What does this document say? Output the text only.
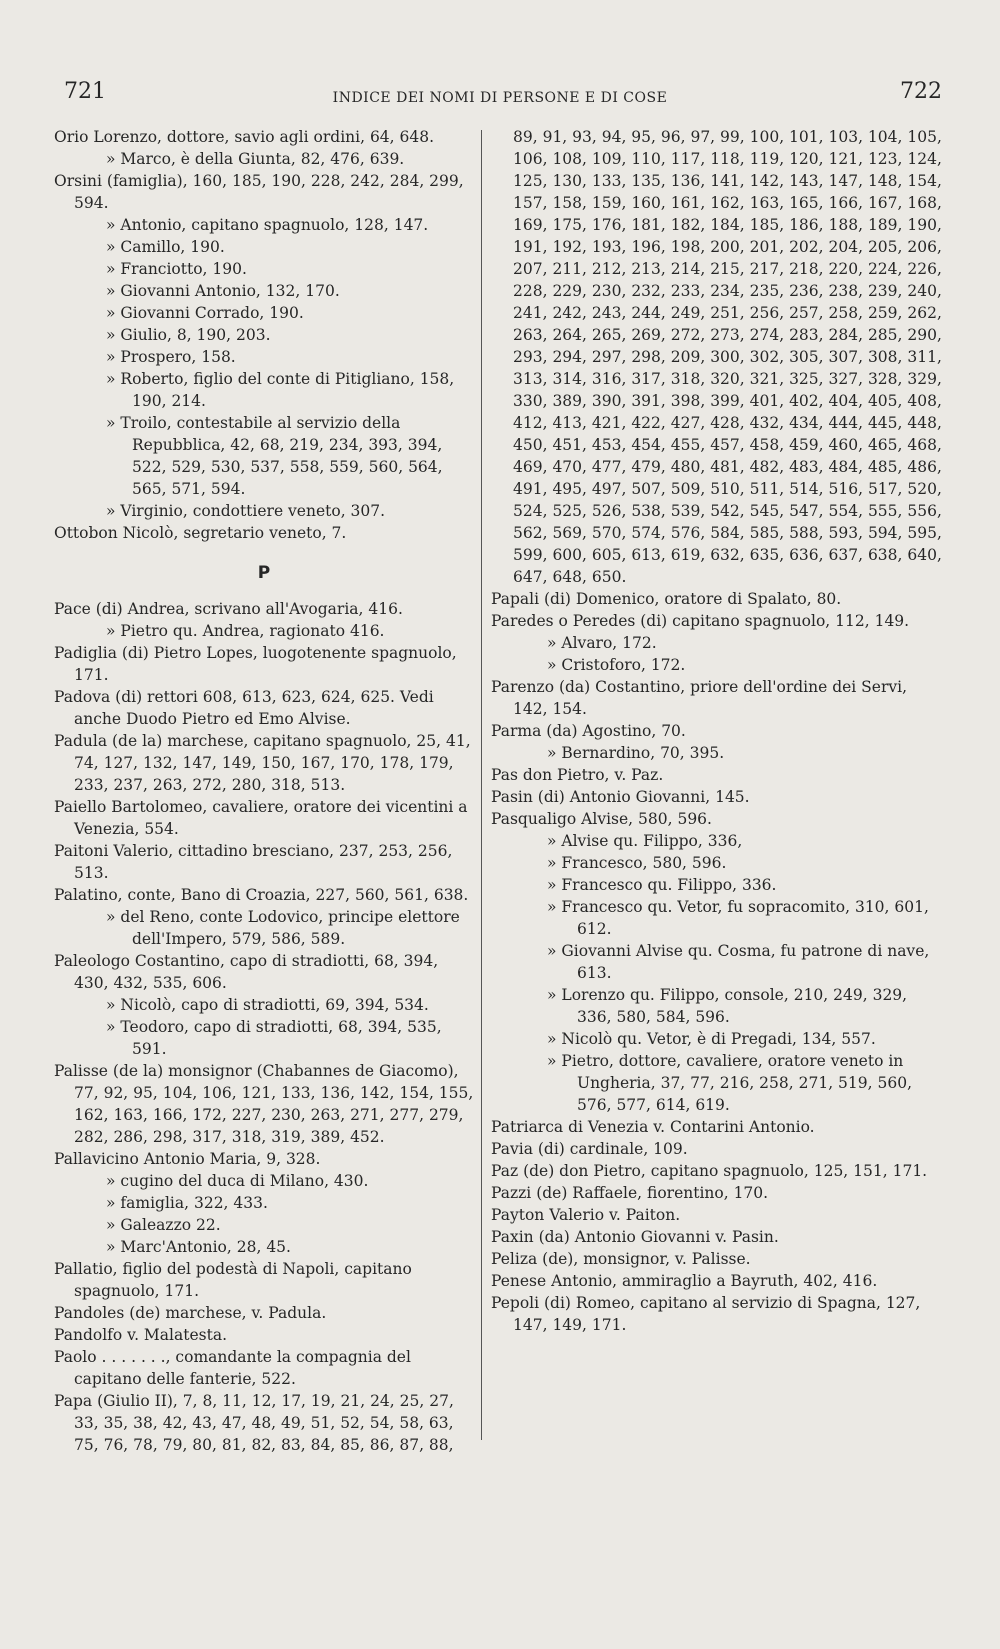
721	INDICE DEI NOMI DI PERSONE E DI COSE	722
Orio Lorenzo, dottore, savio agli ordini, 64, 648.
» Marco, è della Giunta, 82, 476, 639.
Orsini (famiglia), 160, 185, 190, 228, 242, 284, 299, 594.
» Antonio, capitano spagnuolo, 128, 147.
» Camillo, 190.
» Franciotto, 190.
» Giovanni Antonio, 132, 170.
» Giovanni Corrado, 190.
» Giulio, 8, 190, 203.
» Prospero, 158.
» Roberto, figlio del conte di Pitigliano, 158, 190, 214.
» Troilo, contestabile al servizio della Repubblica, 42, 68, 219, 234, 393, 394, 522, 529, 530, 537, 558, 559, 560, 564, 565, 571, 594.
» Virginio, condottiere veneto, 307.
Ottobon Nicolò, segretario veneto, 7.
P
Pace (di) Andrea, scrivano all'Avogaria, 416.
» Pietro qu. Andrea, ragionato 416.
Padiglia (di) Pietro Lopes, luogotenente spagnuolo, 171.
Padova (di) rettori 608, 613, 623, 624, 625. Vedi anche Duodo Pietro ed Emo Alvise.
Padula (de la) marchese, capitano spagnuolo, 25, 41, 74, 127, 132, 147, 149, 150, 167, 170, 178, 179, 233, 237, 263, 272, 280, 318, 513.
Paiello Bartolomeo, cavaliere, oratore dei vicentini a Venezia, 554.
Paitoni Valerio, cittadino bresciano, 237, 253, 256, 513.
Palatino, conte, Bano di Croazia, 227, 560, 561, 638.
» del Reno, conte Lodovico, principe elettore dell'Impero, 579, 586, 589.
Paleologo Costantino, capo di stradiotti, 68, 394, 430, 432, 535, 606.
» Nicolò, capo di stradiotti, 69, 394, 534.
» Teodoro, capo di stradiotti, 68, 394, 535, 591.
Palisse (de la) monsignor (Chabannes de Giacomo), 77, 92, 95, 104, 106, 121, 133, 136, 142, 154, 155, 162, 163, 166, 172, 227, 230, 263, 271, 277, 279, 282, 286, 298, 317, 318, 319, 389, 452.
Pallavicino Antonio Maria, 9, 328.
» cugino del duca di Milano, 430.
» famiglia, 322, 433.
» Galeazzo 22.
» Marc'Antonio, 28, 45.
Pallatio, figlio del podestà di Napoli, capitano spagnuolo, 171.
Pandoles (de) marchese, v. Padula.
Pandolfo v. Malatesta.
Paolo . . . . . . ., comandante la compagnia del capitano delle fanterie, 522.
Papa (Giulio II), 7, 8, 11, 12, 17, 19, 21, 24, 25, 27, 33, 35, 38, 42, 43, 47, 48, 49, 51, 52, 54, 58, 63, 75, 76, 78, 79, 80, 81, 82, 83, 84, 85, 86, 87, 88,
89, 91, 93, 94, 95, 96, 97, 99, 100, 101, 103, 104, 105, 106, 108, 109, 110, 117, 118, 119, 120, 121, 123, 124, 125, 130, 133, 135, 136, 141, 142, 143, 147, 148, 154, 157, 158, 159, 160, 161, 162, 163, 165, 166, 167, 168, 169, 175, 176, 181, 182, 184, 185, 186, 188, 189, 190, 191, 192, 193, 196, 198, 200, 201, 202, 204, 205, 206, 207, 211, 212, 213, 214, 215, 217, 218, 220, 224, 226, 228, 229, 230, 232, 233, 234, 235, 236, 238, 239, 240, 241, 242, 243, 244, 249, 251, 256, 257, 258, 259, 262, 263, 264, 265, 269, 272, 273, 274, 283, 284, 285, 290, 293, 294, 297, 298, 209, 300, 302, 305, 307, 308, 311, 313, 314, 316, 317, 318, 320, 321, 325, 327, 328, 329, 330, 389, 390, 391, 398, 399, 401, 402, 404, 405, 408, 412, 413, 421, 422, 427, 428, 432, 434, 444, 445, 448, 450, 451, 453, 454, 455, 457, 458, 459, 460, 465, 468, 469, 470, 477, 479, 480, 481, 482, 483, 484, 485, 486, 491, 495, 497, 507, 509, 510, 511, 514, 516, 517, 520, 524, 525, 526, 538, 539, 542, 545, 547, 554, 555, 556, 562, 569, 570, 574, 576, 584, 585, 588, 593, 594, 595, 599, 600, 605, 613, 619, 632, 635, 636, 637, 638, 640, 647, 648, 650.
Papali (di) Domenico, oratore di Spalato, 80.
Paredes o Peredes (di) capitano spagnuolo, 112, 149.
» Alvaro, 172.
» Cristoforo, 172.
Parenzo (da) Costantino, priore dell'ordine dei Servi, 142, 154.
Parma (da) Agostino, 70.
» Bernardino, 70, 395.
Pas don Pietro, v. Paz.
Pasin (di) Antonio Giovanni, 145.
Pasqualigo Alvise, 580, 596.
» Alvise qu. Filippo, 336,
» Francesco, 580, 596.
» Francesco qu. Filippo, 336.
» Francesco qu. Vetor, fu sopracomito, 310, 601, 612.
» Giovanni Alvise qu. Cosma, fu patrone di nave, 613.
» Lorenzo qu. Filippo, console, 210, 249, 329, 336, 580, 584, 596.
» Nicolò qu. Vetor, è di Pregadi, 134, 557.
» Pietro, dottore, cavaliere, oratore veneto in Ungheria, 37, 77, 216, 258, 271, 519, 560, 576, 577, 614, 619.
Patriarca di Venezia v. Contarini Antonio.
Pavia (di) cardinale, 109.
Paz (de) don Pietro, capitano spagnuolo, 125, 151, 171.
Pazzi (de) Raffaele, fiorentino, 170.
Payton Valerio v. Paiton.
Paxin (da) Antonio Giovanni v. Pasin.
Peliza (de), monsignor, v. Palisse.
Penese Antonio, ammiraglio a Bayruth, 402, 416.
Pepoli (di) Romeo, capitano al servizio di Spagna, 127, 147, 149, 171.
